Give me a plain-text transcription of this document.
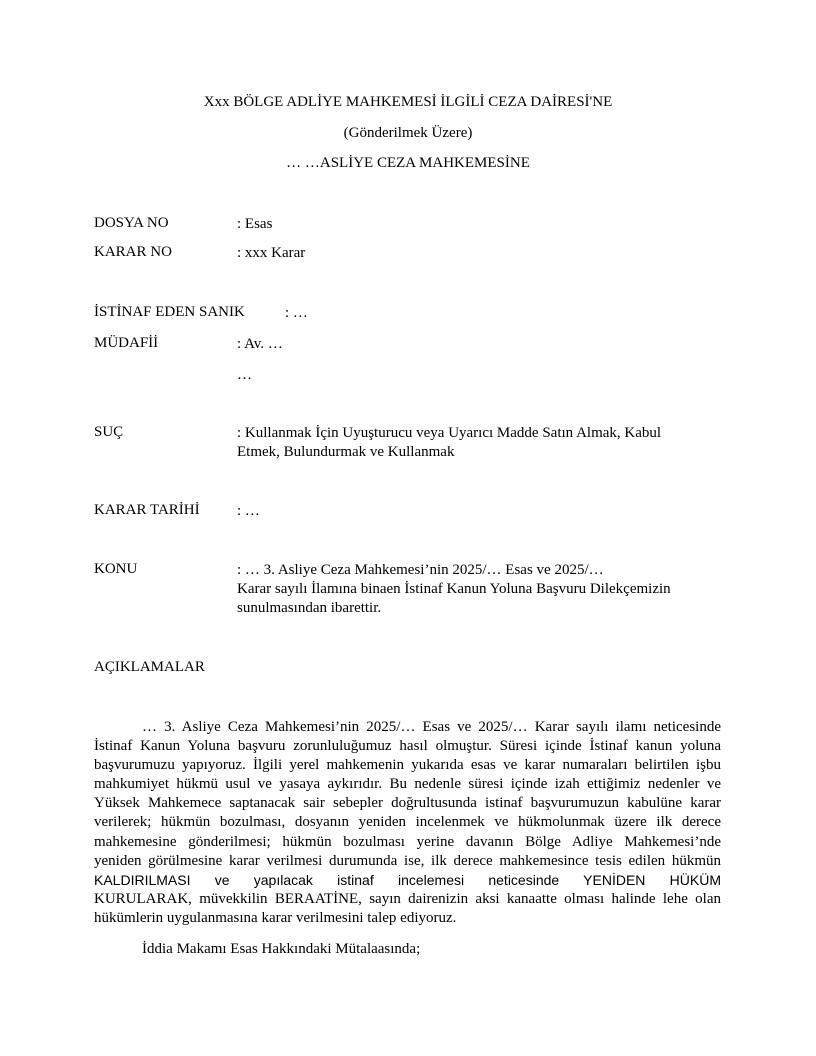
Xxx BÖLGE ADLİYE MAHKEMESİ İLGİLİ CEZA DAİRESİ'NE
(Gönderilmek Üzere)
… …ASLİYE CEZA MAHKEMESİNE
DOSYA NO	: Esas
KARAR NO	: xxx Karar
İSTİNAF EDEN SANIK	: …
MÜDAFİİ	: Av. …
…
SUÇ	: Kullanmak İçin Uyuşturucu veya Uyarıcı Madde Satın Almak, Kabul
Etmek, Bulundurmak ve Kullanmak
KARAR TARİHİ : …
KONU	: … 3. Asliye Ceza Mahkemesi’nin 2025/… Esas ve 2025/…
Karar sayılı İlamına binaen İstinaf Kanun Yoluna Başvuru Dilekçemizin
sunulmasından ibarettir.
AÇIKLAMALAR
… 3. Asliye Ceza Mahkemesi’nin 2025/… Esas ve 2025/… Karar sayılı ilamı neticesinde
İstinaf Kanun Yoluna başvuru zorunluluğumuz hasıl olmuştur. Süresi içinde İstinaf kanun yoluna
başvurumuzu yapıyoruz. İlgili yerel mahkemenin yukarıda esas ve karar numaraları belirtilen işbu
mahkumiyet hükmü usul ve yasaya aykırıdır. Bu nedenle süresi içinde izah ettiğimiz nedenler ve
Yüksek Mahkemece saptanacak sair sebepler doğrultusunda istinaf başvurumuzun kabulüne karar
verilerek; hükmün bozulması, dosyanın yeniden incelenmek ve hükmolunmak üzere ilk derece
mahkemesine gönderilmesi; hükmün bozulması yerine davanın Bölge Adliye Mahkemesi’nde
yeniden görülmesine karar verilmesi durumunda ise, ilk derece mahkemesince tesis edilen hükmün
KALDIRILMASI ve yapılacak istinaf incelemesi neticesinde YENİDEN HÜKÜM
KURULARAK, müvekkilin BERAATİNE, sayın dairenizin aksi kanaatte olması halinde lehe olan
hükümlerin uygulanmasına karar verilmesini talep ediyoruz.
İddia Makamı Esas Hakkındaki Mütalaasında;
